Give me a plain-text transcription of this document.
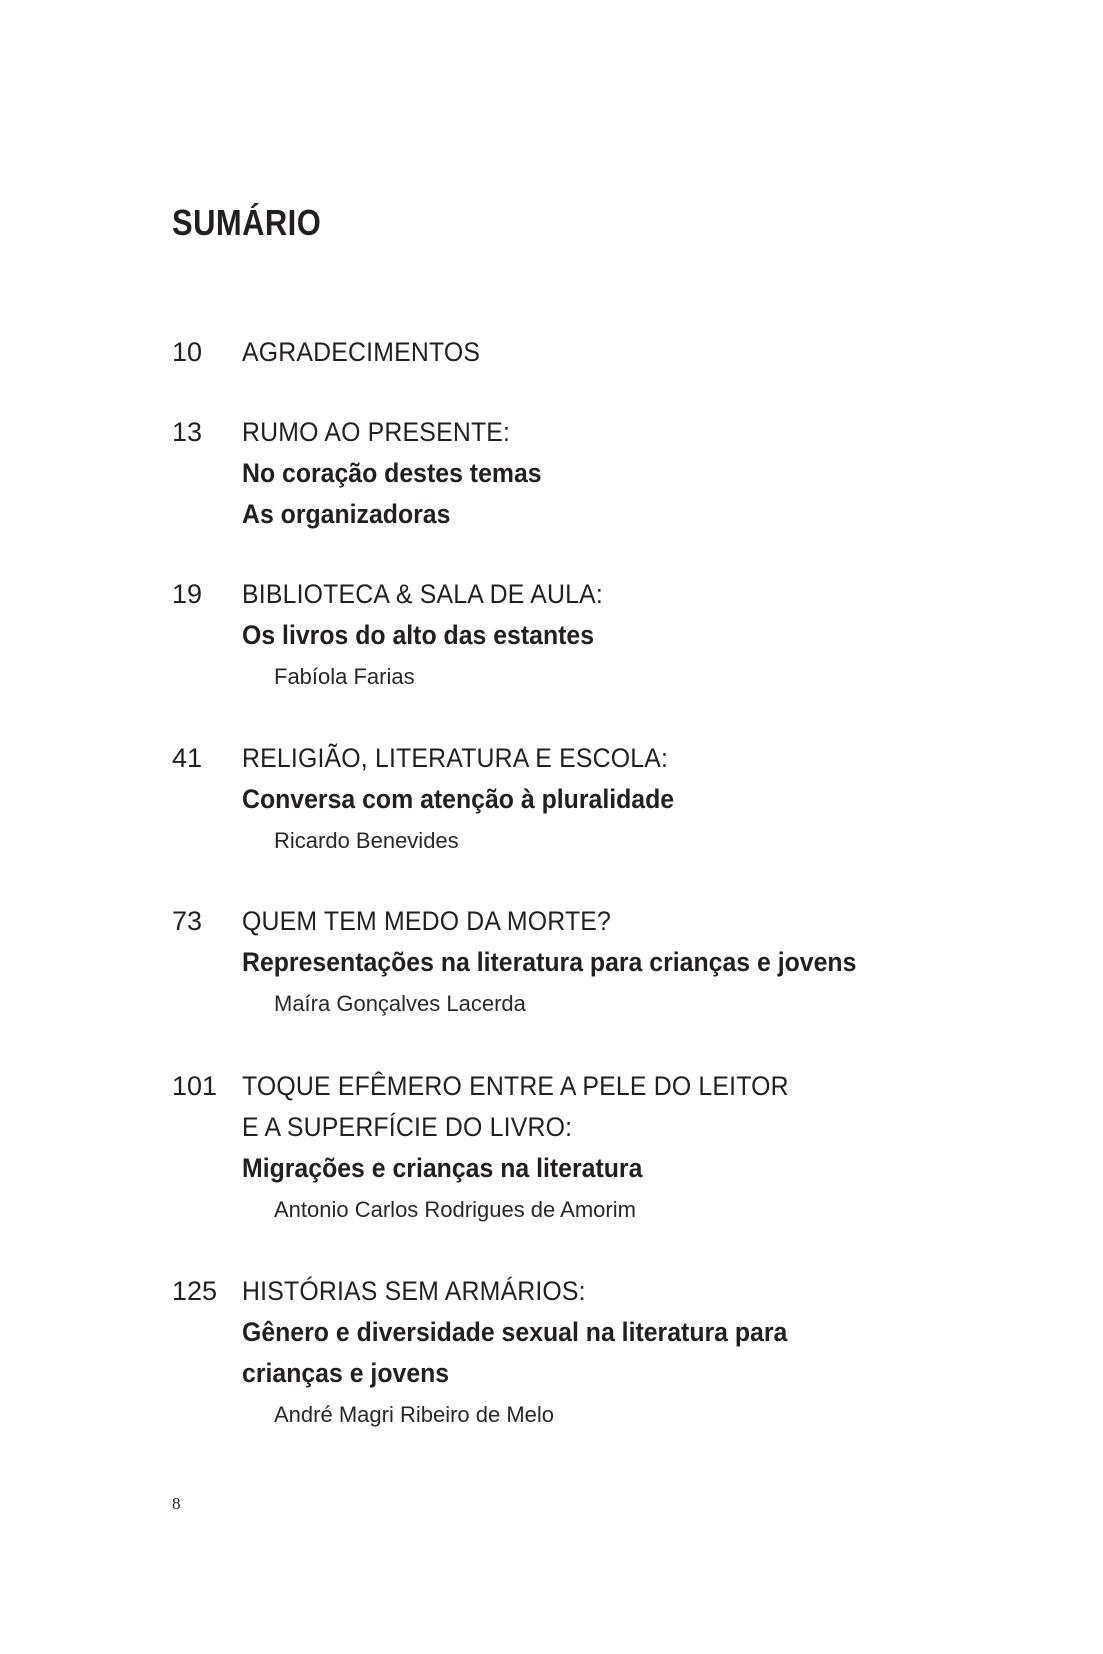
SUMÁRIO
10 AGRADECIMENTOS
13 RUMO AO PRESENTE:
No coração destes temas
As organizadoras
19 BIBLIOTECA & SALA DE AULA:
Os livros do alto das estantes
Fabíola Farias
41 RELIGIÃO, LITERATURA E ESCOLA:
Conversa com atenção à pluralidade
Ricardo Benevides
73 QUEM TEM MEDO DA MORTE?
Representações na literatura para crianças e jovens
Maíra Gonçalves Lacerda
101 TOQUE EFÊMERO ENTRE A PELE DO LEITOR
E A SUPERFÍCIE DO LIVRO:
Migrações e crianças na literatura
Antonio Carlos Rodrigues de Amorim
125 HISTÓRIAS SEM ARMÁRIOS:
Gênero e diversidade sexual na literatura para
crianças e jovens
André Magri Ribeiro de Melo
8
